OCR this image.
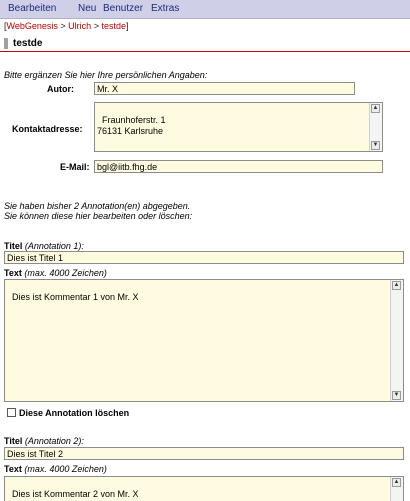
Bearbeiten Neu Benutzer Extras
[WebGenesis > Ulrich > testde]
testde
Bitte ergänzen Sie hier Ihre persönlichen Angaben:
Autor:	Mr. X
Kontaktadresse:

Fraunhoferstr. 1
76131 Karlsruhe

▲

▼

E-Mail: bgl@iitb.fhg.de
Sie haben bisher 2 Annotation(en) abgegeben.
Sie können diese hier bearbeiten oder löschen:
Titel (Annotation 1):
Dies ist Titel 1
Text (max. 4000 Zeichen)

Dies ist Kommentar 1 von Mr. X

▲

▼

Diese Annotation löschen
Titel (Annotation 2):
Dies ist Titel 2
Text (max. 4000 Zeichen)

Dies ist Kommentar 2 von Mr. X

▲
